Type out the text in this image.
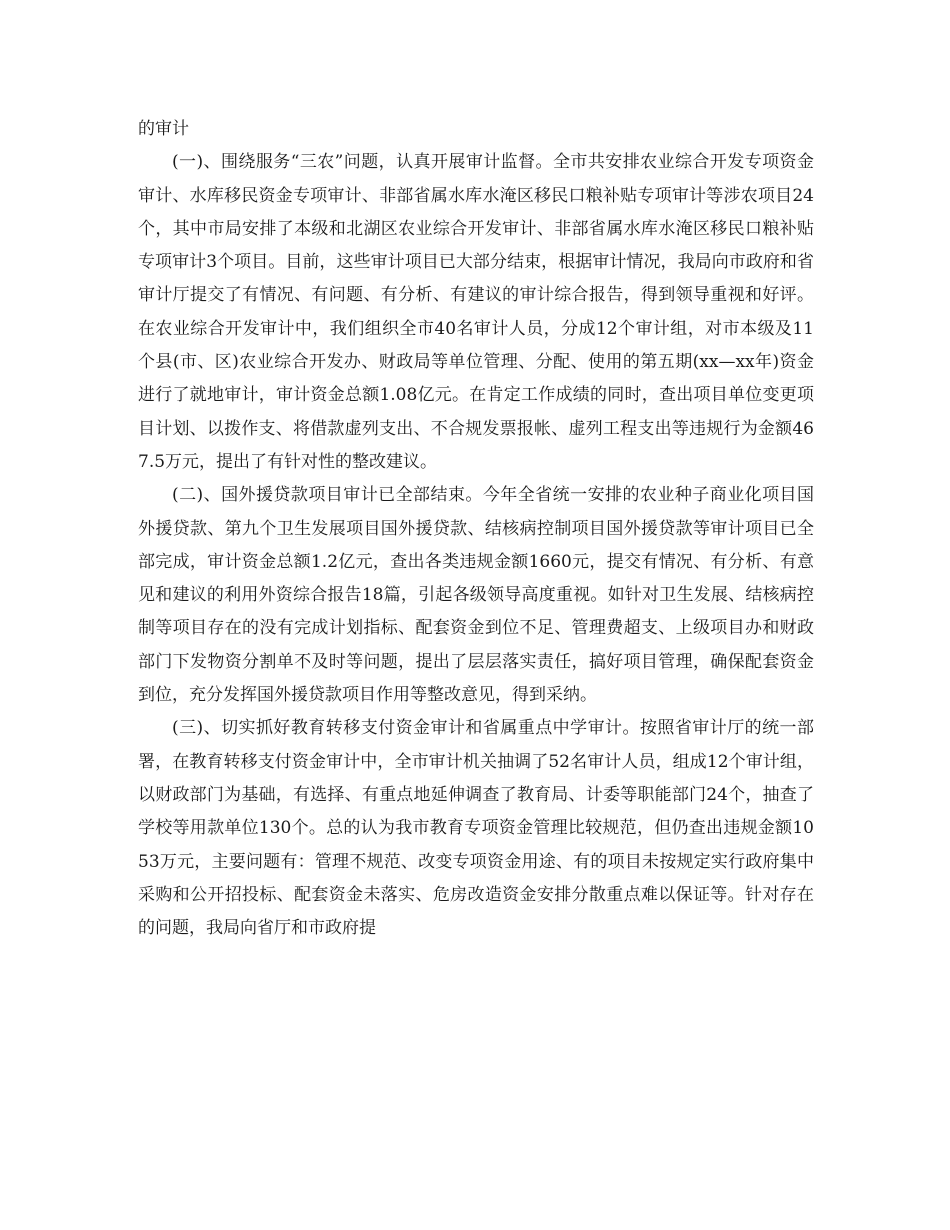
的审计

(一)、围绕服务“三农”问题，认真开展审计监督。全市共安排农业综合开发专项资金审计、水库移民资金专项审计、非部省属水库水淹区移民口粮补贴专项审计等涉农项目24个，其中市局安排了本级和北湖区农业综合开发审计、非部省属水库水淹区移民口粮补贴专项审计3个项目。目前，这些审计项目已大部分结束，根据审计情况，我局向市政府和省审计厅提交了有情况、有问题、有分析、有建议的审计综合报告，得到领导重视和好评。在农业综合开发审计中，我们组织全市40名审计人员，分成12个审计组，对市本级及11个县(市、区)农业综合开发办、财政局等单位管理、分配、使用的第五期(xx—xx年)资金进行了就地审计，审计资金总额1.08亿元。在肯定工作成绩的同时，查出项目单位变更项目计划、以拨作支、将借款虚列支出、不合规发票报帐、虚列工程支出等违规行为金额467.5万元，提出了有针对性的整改建议。

(二)、国外援贷款项目审计已全部结束。今年全省统一安排的农业种子商业化项目国外援贷款、第九个卫生发展项目国外援贷款、结核病控制项目国外援贷款等审计项目已全部完成，审计资金总额1.2亿元，查出各类违规金额1660元，提交有情况、有分析、有意见和建议的利用外资综合报告18篇，引起各级领导高度重视。如针对卫生发展、结核病控制等项目存在的没有完成计划指标、配套资金到位不足、管理费超支、上级项目办和财政部门下发物资分割单不及时等问题，提出了层层落实责任，搞好项目管理，确保配套资金到位，充分发挥国外援贷款项目作用等整改意见，得到采纳。

(三)、切实抓好教育转移支付资金审计和省属重点中学审计。按照省审计厅的统一部署，在教育转移支付资金审计中，全市审计机关抽调了52名审计人员，组成12个审计组，以财政部门为基础，有选择、有重点地延伸调查了教育局、计委等职能部门24个，抽查了学校等用款单位130个。总的认为我市教育专项资金管理比较规范，但仍查出违规金额1053万元，主要问题有：管理不规范、改变专项资金用途、有的项目未按规定实行政府集中采购和公开招投标、配套资金未落实、危房改造资金安排分散重点难以保证等。针对存在的问题，我局向省厅和市政府提
